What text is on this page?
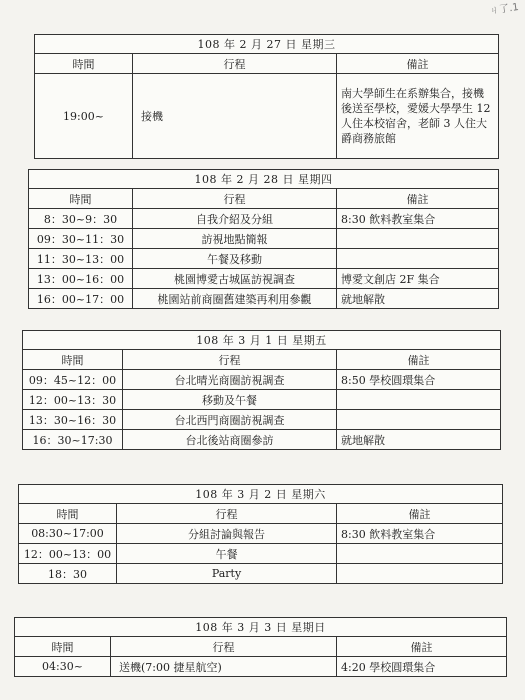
ㄐ了.1
108 年 2 月 27 日 星期三		
時間	行程	備註
19:00~	接機	南大學師生在系辦集合，接機後送至學校，愛媛大學學生 12 人住本校宿舍，老師 3 人住大爵商務旅館
108 年 2 月 28 日 星期四		
時間	行程	備註
8：30~9：30	自我介紹及分組	8:30 飲料教室集合
09：30~11：30	訪視地點簡報	
11：30~13：00	午餐及移動	
13：00~16：00	桃園博愛古城區訪視調查	博愛文創店 2F 集合
16：00~17：00	桃園站前商圈舊建築再利用參觀	就地解散
108 年 3 月 1 日 星期五		
時間	行程	備註
09：45~12：00	台北晴光商圈訪視調查	8:50 學校圓環集合
12：00~13：30	移動及午餐	
13：30~16：30	台北西門商圈訪視調查	
16：30~17:30	台北後站商圈參訪	就地解散
108 年 3 月 2 日 星期六		
時間	行程	備註
08:30~17:00	分組討論與報告	8:30 飲料教室集合
12：00~13：00	午餐	
18：30	Party	
108 年 3 月 3 日 星期日		
時間	行程	備註
04:30~	送機(7:00 捷星航空)	4:20 學校圓環集合
